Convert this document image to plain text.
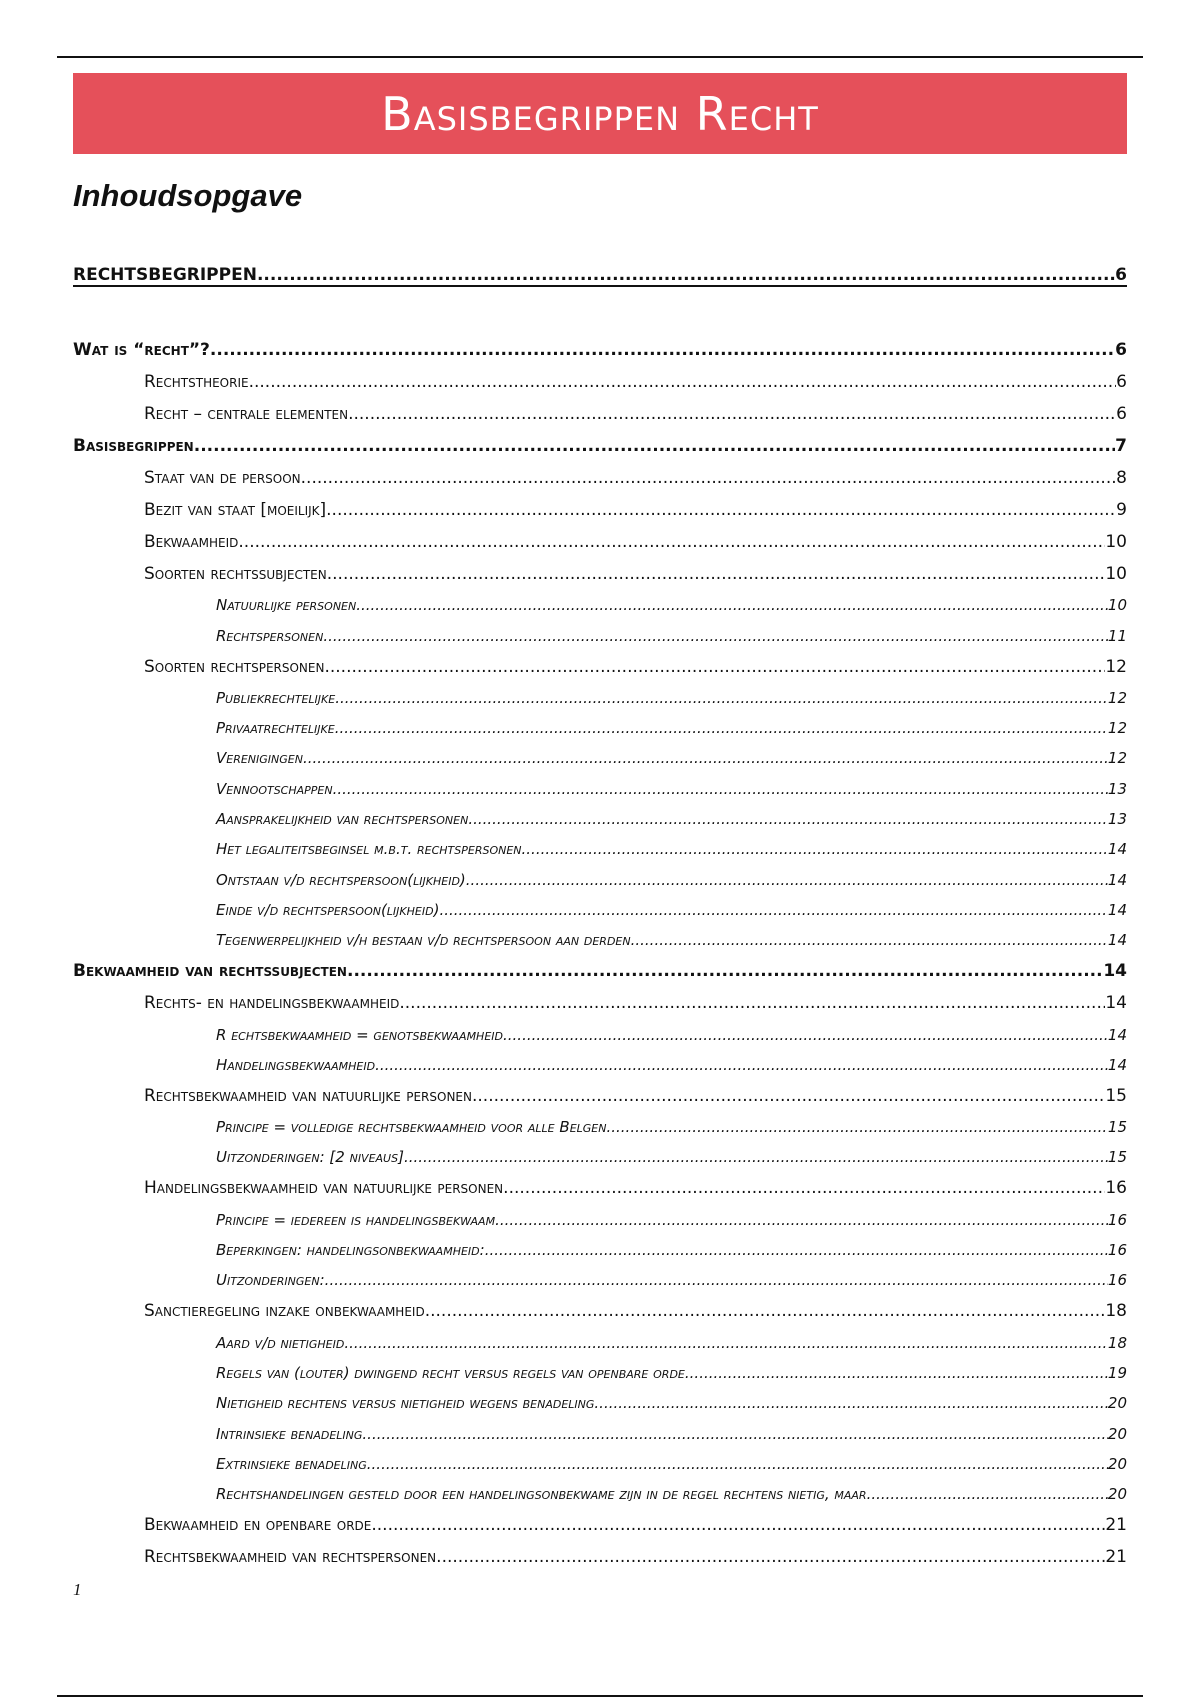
Basisbegrippen Recht
Inhoudsopgave
RECHTSBEGRIPPEN .....	6
Wat is “recht”? .....	6
Rechtstheorie .....	6
Recht – centrale elementen .....	6
Basisbegrippen .....	7
Staat van de persoon .....	8
Bezit van staat [moeilijk] .....	9
Bekwaamheid .....	10
Soorten rechtssubjecten .....	10
Natuurlijke personen .....	10
Rechtspersonen .....	11
Soorten rechtspersonen .....	12
Publiekrechtelijke .....	12
Privaatrechtelijke .....	12
Verenigingen .....	12
Vennootschappen .....	13
Aansprakelijkheid van rechtspersonen .....	13
Het legaliteitsbeginsel m.b.t. rechtspersonen .....	14
Ontstaan v/d rechtspersoon(lijkheid) .....	14
Einde v/d rechtspersoon(lijkheid) .....	14
Tegenwerpelijkheid v/h bestaan v/d rechtspersoon aan derden .....	14
Bekwaamheid van rechtssubjecten .....	14
Rechts- en handelingsbekwaamheid .....	14
R echtsbekwaamheid = genotsbekwaamheid .....	14
Handelingsbekwaamheid .....	14
Rechtsbekwaamheid van natuurlijke personen .....	15
Principe = volledige rechtsbekwaamheid voor alle Belgen .....	15
Uitzonderingen: [2 niveaus] .....	15
Handelingsbekwaamheid van natuurlijke personen .....	16
Principe = iedereen is handelingsbekwaam .....	16
Beperkingen: handelingsonbekwaamheid: .....	16
Uitzonderingen: .....	16
Sanctieregeling inzake onbekwaamheid .....	18
Aard v/d nietigheid .....	18
Regels van (louter) dwingend recht versus regels van openbare orde .....	19
Nietigheid rechtens versus nietigheid wegens benadeling .....	20
Intrinsieke benadeling .....	20
Extrinsieke benadeling .....	20
Rechtshandelingen gesteld door een handelingsonbekwame zijn in de regel rechtens nietig, maar .....	20
Bekwaamheid en openbare orde .....	21
Rechtsbekwaamheid van rechtspersonen .....	21
1
